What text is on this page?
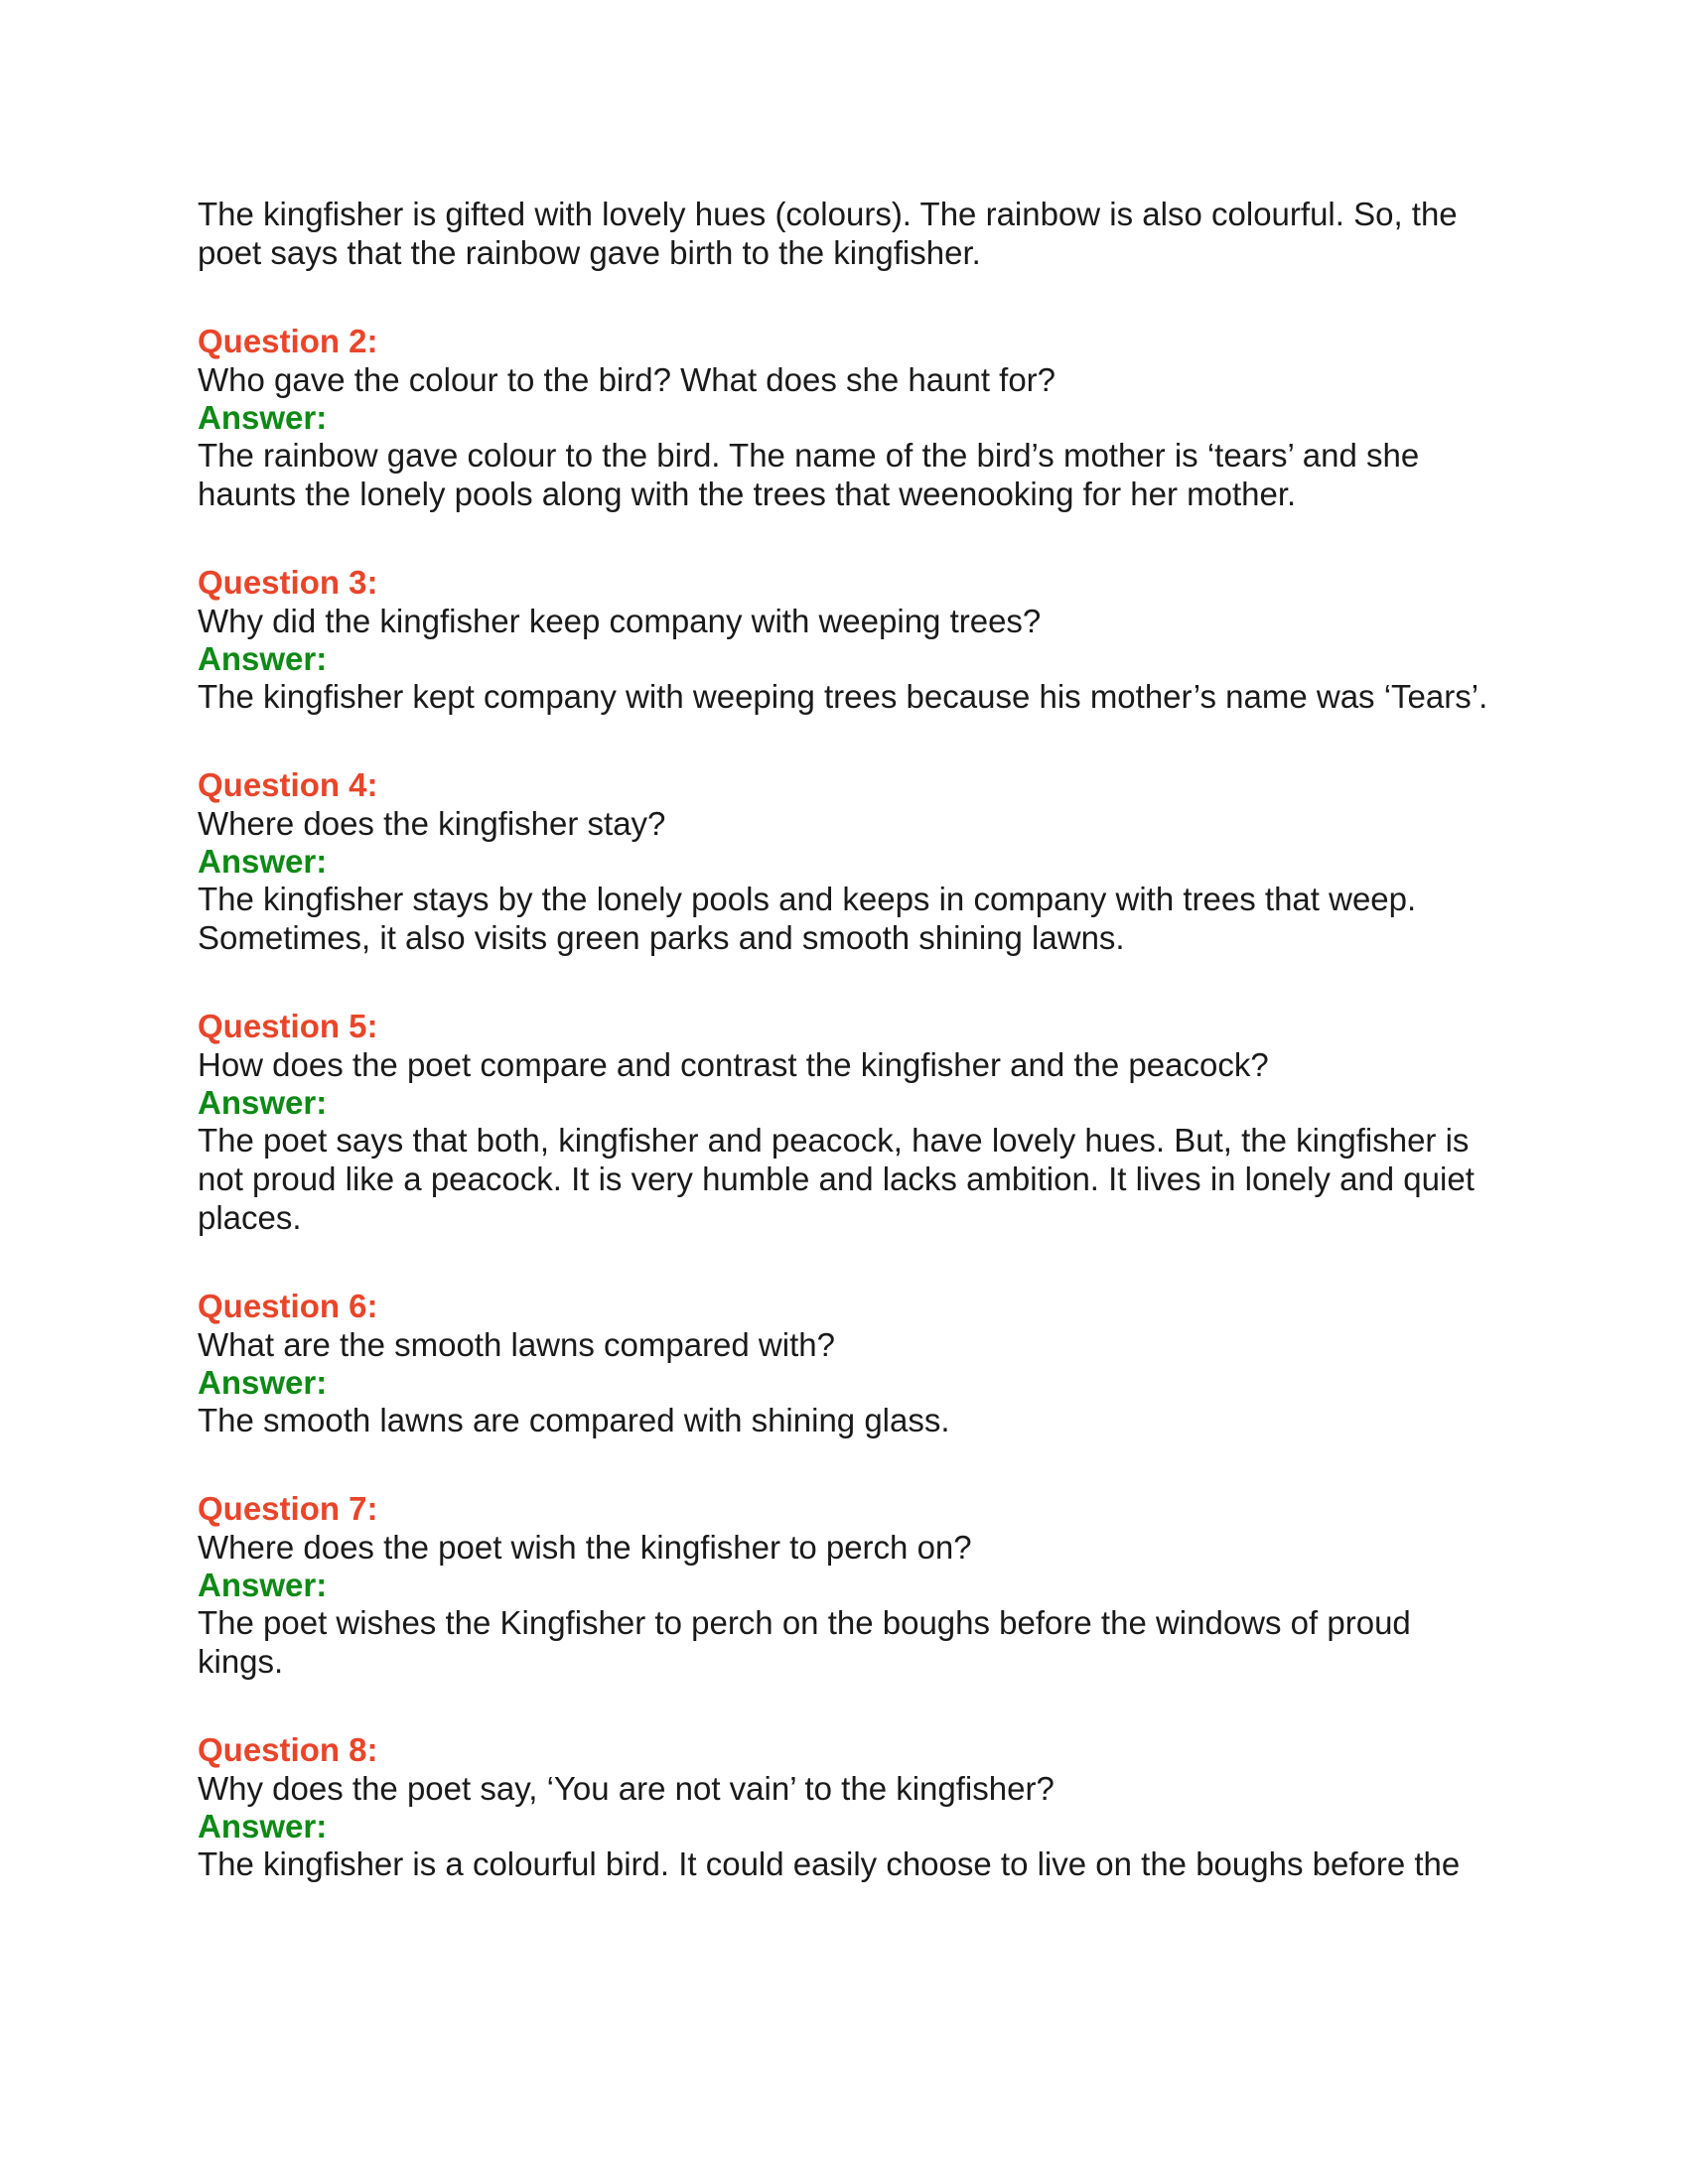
The kingfisher is gifted with lovely hues (colours). The rainbow is also colourful. So, the poet says that the rainbow gave birth to the kingfisher.

Question 2:

Who gave the colour to the bird? What does she haunt for?

Answer:

The rainbow gave colour to the bird. The name of the bird’s mother is ‘tears’ and she haunts the lonely pools along with the trees that weenooking for her mother.

Question 3:

Why did the kingfisher keep company with weeping trees?

Answer:

The kingfisher kept company with weeping trees because his mother’s name was ‘Tears’.

Question 4:

Where does the kingfisher stay?

Answer:

The kingfisher stays by the lonely pools and keeps in company with trees that weep. Sometimes, it also visits green parks and smooth shining lawns.

Question 5:

How does the poet compare and contrast the kingfisher and the peacock?

Answer:

The poet says that both, kingfisher and peacock, have lovely hues. But, the kingfisher is not proud like a peacock. It is very humble and lacks ambition. It lives in lonely and quiet places.

Question 6:

What are the smooth lawns compared with?

Answer:

The smooth lawns are compared with shining glass.

Question 7:

Where does the poet wish the kingfisher to perch on?

Answer:

The poet wishes the Kingfisher to perch on the boughs before the windows of proud kings.

Question 8:

Why does the poet say, ‘You are not vain’ to the kingfisher?

Answer:

The kingfisher is a colourful bird. It could easily choose to live on the boughs before the
